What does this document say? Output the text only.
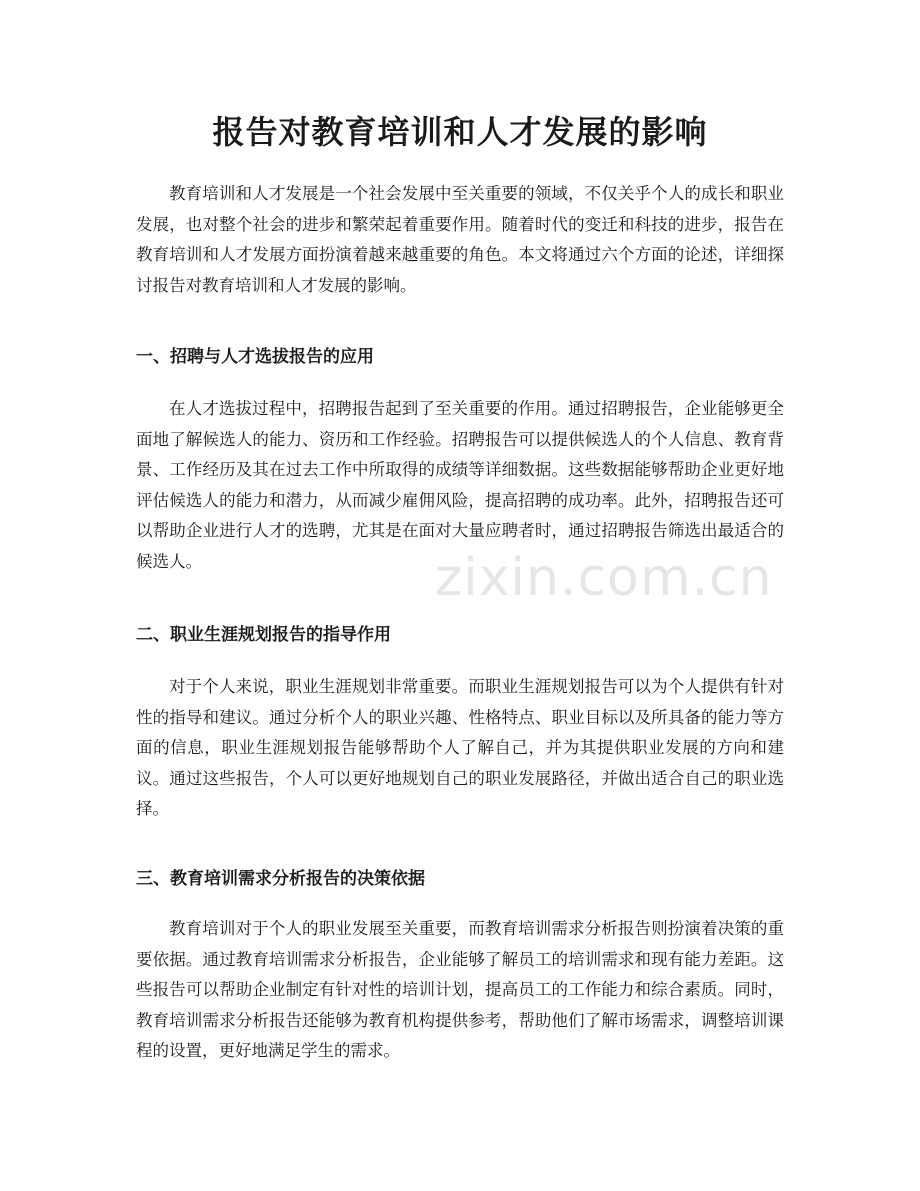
报告对教育培训和人才发展的影响

教育培训和人才发展是一个社会发展中至关重要的领域，不仅关乎个人的成长和职业发展，也对整个社会的进步和繁荣起着重要作用。随着时代的变迁和科技的进步，报告在教育培训和人才发展方面扮演着越来越重要的角色。本文将通过六个方面的论述，详细探讨报告对教育培训和人才发展的影响。

一、招聘与人才选拔报告的应用

在人才选拔过程中，招聘报告起到了至关重要的作用。通过招聘报告，企业能够更全面地了解候选人的能力、资历和工作经验。招聘报告可以提供候选人的个人信息、教育背景、工作经历及其在过去工作中所取得的成绩等详细数据。这些数据能够帮助企业更好地评估候选人的能力和潜力，从而减少雇佣风险，提高招聘的成功率。此外，招聘报告还可以帮助企业进行人才的选聘，尤其是在面对大量应聘者时，通过招聘报告筛选出最适合的候选人。

二、职业生涯规划报告的指导作用

对于个人来说，职业生涯规划非常重要。而职业生涯规划报告可以为个人提供有针对性的指导和建议。通过分析个人的职业兴趣、性格特点、职业目标以及所具备的能力等方面的信息，职业生涯规划报告能够帮助个人了解自己，并为其提供职业发展的方向和建议。通过这些报告，个人可以更好地规划自己的职业发展路径，并做出适合自己的职业选择。

三、教育培训需求分析报告的决策依据

教育培训对于个人的职业发展至关重要，而教育培训需求分析报告则扮演着决策的重要依据。通过教育培训需求分析报告，企业能够了解员工的培训需求和现有能力差距。这些报告可以帮助企业制定有针对性的培训计划，提高员工的工作能力和综合素质。同时，教育培训需求分析报告还能够为教育机构提供参考，帮助他们了解市场需求，调整培训课程的设置，更好地满足学生的需求。

zixin.com.cn
